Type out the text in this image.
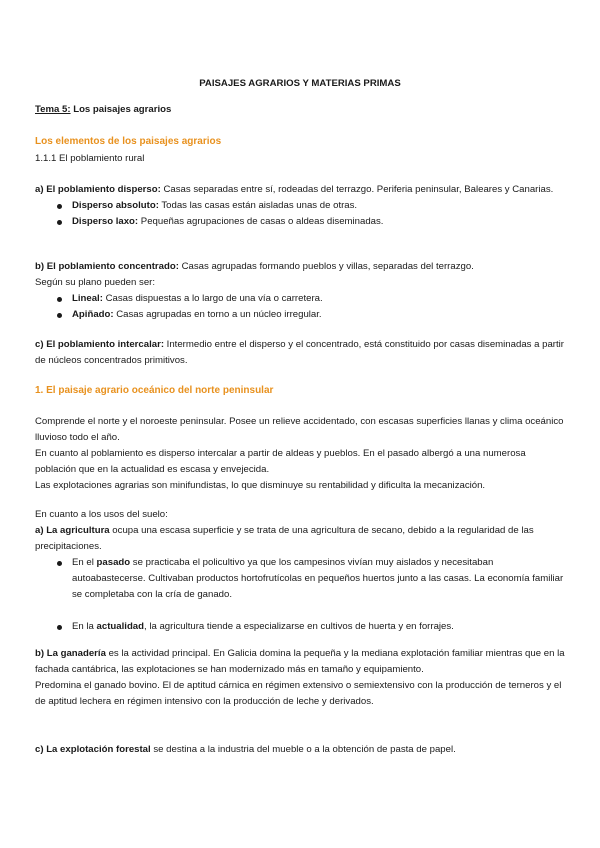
PAISAJES AGRARIOS Y MATERIAS PRIMAS
Tema 5: Los paisajes agrarios
Los elementos de los paisajes agrarios
1.1.1 El poblamiento rural

a) El poblamiento disperso: Casas separadas entre sí, rodeadas del terrazgo. Periferia peninsular, Baleares y Canarias.

Disperso absoluto: Todas las casas están aisladas unas de otras.
Disperso laxo: Pequeñas agrupaciones de casas o aldeas diseminadas.

b) El poblamiento concentrado: Casas agrupadas formando pueblos y villas, separadas del terrazgo.

Según su plano pueden ser:

Lineal: Casas dispuestas a lo largo de una vía o carretera.
Apiñado: Casas agrupadas en torno a un núcleo irregular.

c) El poblamiento intercalar: Intermedio entre el disperso y el concentrado, está constituido por casas diseminadas a partir de núcleos concentrados primitivos.

1. El paisaje agrario oceánico del norte peninsular

Comprende el norte y el noroeste peninsular. Posee un relieve accidentado, con escasas superficies llanas y clima oceánico lluvioso todo el año.

En cuanto al poblamiento es disperso intercalar a partir de aldeas y pueblos. En el pasado albergó a una numerosa población que en la actualidad es escasa y envejecida.

Las explotaciones agrarias son minifundistas, lo que disminuye su rentabilidad y dificulta la mecanización.

En cuanto a los usos del suelo:

a) La agricultura ocupa una escasa superficie y se trata de una agricultura de secano, debido a la regularidad de las precipitaciones.

En el pasado se practicaba el policultivo ya que los campesinos vivían muy aislados y necesitaban autoabastecerse. Cultivaban productos hortofrutícolas en pequeños huertos junto a las casas. La economía familiar se completaba con la cría de ganado.
En la actualidad, la agricultura tiende a especializarse en cultivos de huerta y en forrajes.

b) La ganadería es la actividad principal. En Galicia domina la pequeña y la mediana explotación familiar mientras que en la fachada cantábrica, las explotaciones se han modernizado más en tamaño y equipamiento.

Predomina el ganado bovino. El de aptitud cárnica en régimen extensivo o semiextensivo con la producción de terneros y el de aptitud lechera en régimen intensivo con la producción de leche y derivados.

c) La explotación forestal se destina a la industria del mueble o a la obtención de pasta de papel.
